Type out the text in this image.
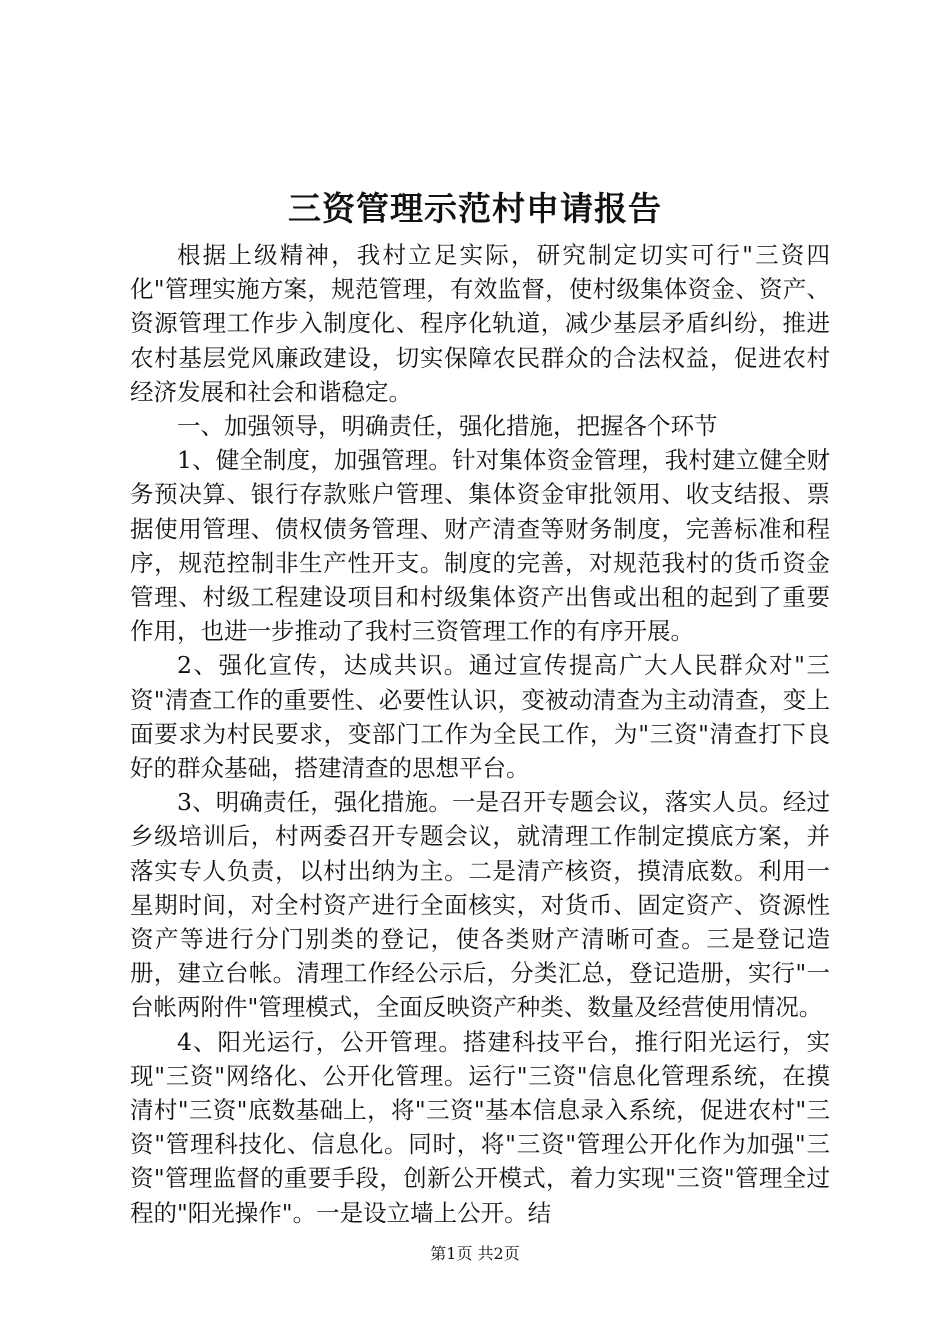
三资管理示范村申请报告

根据上级精神，我村立足实际，研究制定切实可行"三资四化"管理实施方案，规范管理，有效监督，使村级集体资金、资产、资源管理工作步入制度化、程序化轨道，减少基层矛盾纠纷，推进农村基层党风廉政建设，切实保障农民群众的合法权益，促进农村经济发展和社会和谐稳定。

一、加强领导，明确责任，强化措施，把握各个环节

1、健全制度，加强管理。针对集体资金管理，我村建立健全财务预决算、银行存款账户管理、集体资金审批领用、收支结报、票据使用管理、债权债务管理、财产清查等财务制度，完善标准和程序，规范控制非生产性开支。制度的完善，对规范我村的货币资金管理、村级工程建设项目和村级集体资产出售或出租的起到了重要作用，也进一步推动了我村三资管理工作的有序开展。

2、强化宣传，达成共识。通过宣传提高广大人民群众对"三资"清查工作的重要性、必要性认识，变被动清查为主动清查，变上面要求为村民要求，变部门工作为全民工作，为"三资"清查打下良好的群众基础，搭建清查的思想平台。

3、明确责任，强化措施。一是召开专题会议，落实人员。经过乡级培训后，村两委召开专题会议，就清理工作制定摸底方案，并落实专人负责，以村出纳为主。二是清产核资，摸清底数。利用一星期时间，对全村资产进行全面核实，对货币、固定资产、资源性资产等进行分门别类的登记，使各类财产清晰可查。三是登记造册，建立台帐。清理工作经公示后，分类汇总，登记造册，实行"一台帐两附件"管理模式，全面反映资产种类、数量及经营使用情况。

4、阳光运行，公开管理。搭建科技平台，推行阳光运行，实现"三资"网络化、公开化管理。运行"三资"信息化管理系统，在摸清村"三资"底数基础上，将"三资"基本信息录入系统，促进农村"三资"管理科技化、信息化。同时，将"三资"管理公开化作为加强"三资"管理监督的重要手段，创新公开模式，着力实现"三资"管理全过程的"阳光操作"。一是设立墙上公开。结

第1页 共2页
